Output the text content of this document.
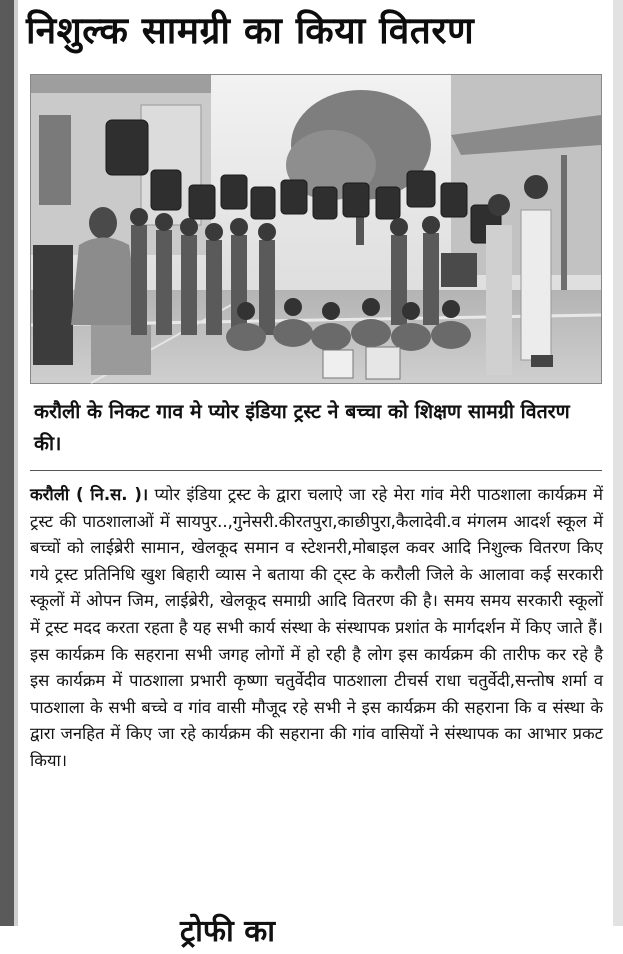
निशुल्क सामग्री का किया वितरण
करौली के निकट गाव मे प्योर इंडिया ट्रस्ट ने बच्चा को शिक्षण सामग्री वितरण की।
करौली ( नि.स. )। प्योर इंडिया ट्रस्ट के द्वारा चलाऐ जा रहे मेरा गांव मेरी पाठशाला कार्यक्रम में ट्रस्ट की पाठशालाओं में सायपुर..,गुनेसरी.कीरतपुरा,काछीपुरा,कैलादेवी.व मंगलम आदर्श स्कूल में बच्चों को लाईब्रेरी सामान, खेलकूद समान व स्टेशनरी,मोबाइल कवर आदि निशुल्क वितरण किए गये ट्रस्ट प्रतिनिधि खुश बिहारी व्यास ने बताया की ट्स्ट के करौली जिले के आलावा कई सरकारी स्कूलों में ओपन जिम, लाईब्रेरी, खेलकूद समाग्री आदि वितरण की है। समय समय सरकारी स्कूलों में ट्रस्ट मदद करता रहता है यह सभी कार्य संस्था के संस्थापक प्रशांत के मार्गदर्शन में किए जाते हैं। इस कार्यक्रम कि सहराना सभी जगह लोगों में हो रही है लोग इस कार्यक्रम की तारीफ कर रहे है इस कार्यक्रम में पाठशाला प्रभारी कृष्णा चतुर्वेदीव पाठशाला टीचर्स राधा चतुर्वेदी,सन्तोष शर्मा व पाठशाला के सभी बच्चे व गांव वासी मौजूद रहे सभी ने इस कार्यक्रम की सहराना कि व संस्था के द्वारा जनहित में किए जा रहे कार्यक्रम की सहराना की गांव वासियों ने संस्थापक का आभार प्रकट किया।
ट्रोफी का
